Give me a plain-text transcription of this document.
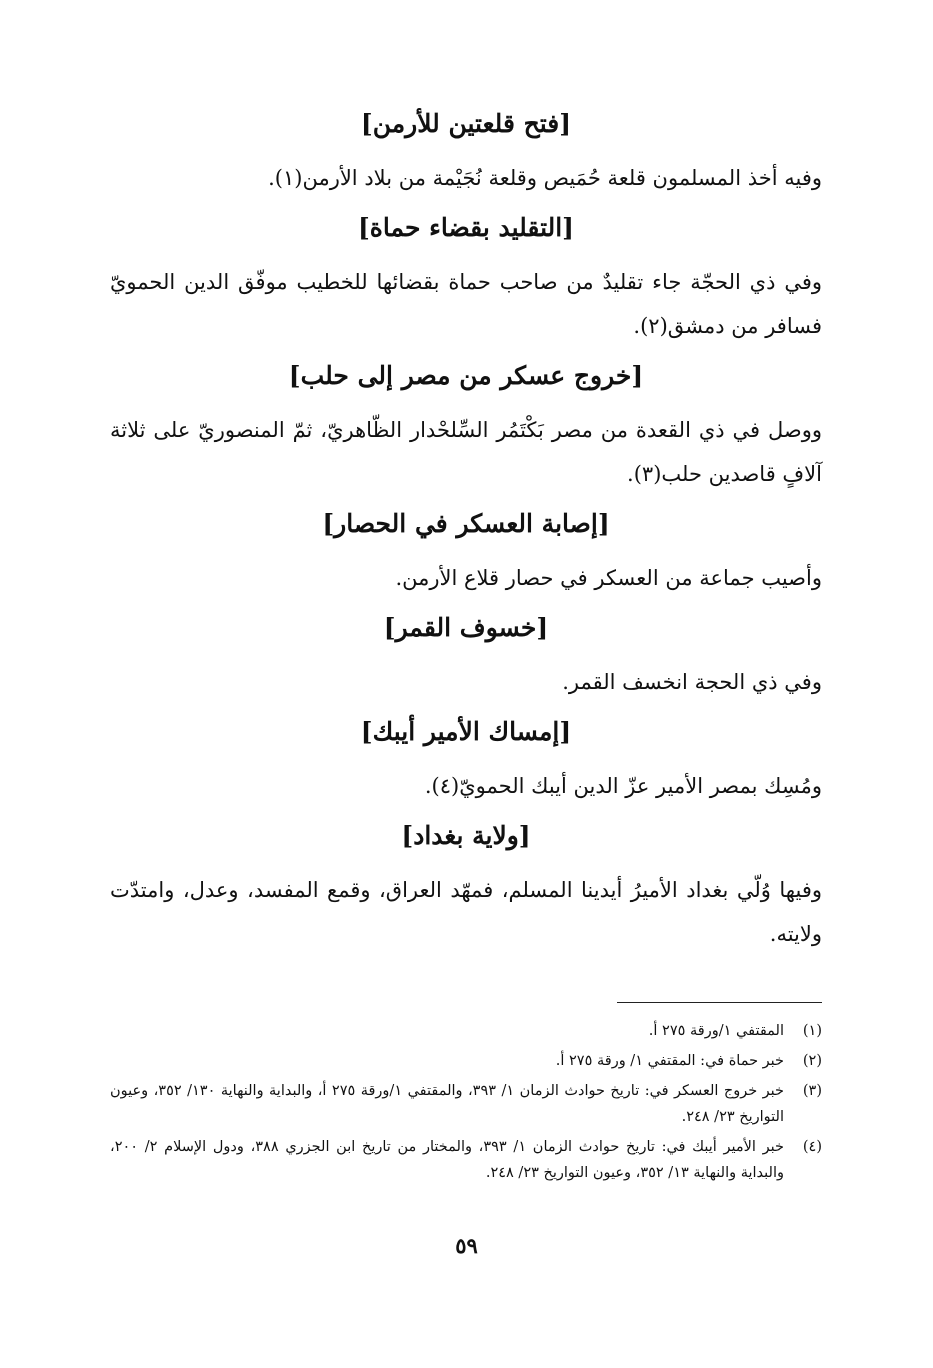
[فتح قلعتين للأرمن]

وفيه أخذ المسلمون قلعة حُمَيص وقلعة نُجَيْمة من بلاد الأرمن(١).

[التقليد بقضاء حماة]

وفي ذي الحجّة جاء تقليدٌ من صاحب حماة بقضائها للخطيب موفّق الدين الحمويّ فسافر من دمشق(٢).

[خروج عسكر من مصر إلى حلب]

ووصل في ذي القعدة من مصر بَكْتَمُر السِّلحْدار الظّاهريّ، ثمّ المنصوريّ على ثلاثة آلافٍ قاصدين حلب(٣).

[إصابة العسكر في الحصار]

وأصيب جماعة من العسكر في حصار قلاع الأرمن.

[خسوف القمر]

وفي ذي الحجة انخسف القمر.

[إمساك الأمير أيبك]

ومُسِك بمصر الأمير عزّ الدين أيبك الحمويّ(٤).

[ولاية بغداد]

وفيها وُلّي بغداد الأميرُ أيدينا المسلم، فمهّد العراق، وقمع المفسد، وعدل، وامتدّت ولايته.

(١)
المقتفي ١/ورقة ٢٧٥ أ.
(٢)
خبر حماة في: المقتفي ١/ ورقة ٢٧٥ أ.
(٣)
خبر خروج العسكر في: تاريخ حوادث الزمان ١/ ٣٩٣، والمقتفي ١/ورقة ٢٧٥ أ، والبداية والنهاية ١٣٠/ ٣٥٢، وعيون التواريخ ٢٣/ ٢٤٨.
(٤)
خبر الأمير أيبك في: تاريخ حوادث الزمان ١/ ٣٩٣، والمختار من تاريخ ابن الجزري ٣٨٨، ودول الإسلام ٢/ ٢٠٠، والبداية والنهاية ١٣/ ٣٥٢، وعيون التواريخ ٢٣/ ٢٤٨.
٥٩
